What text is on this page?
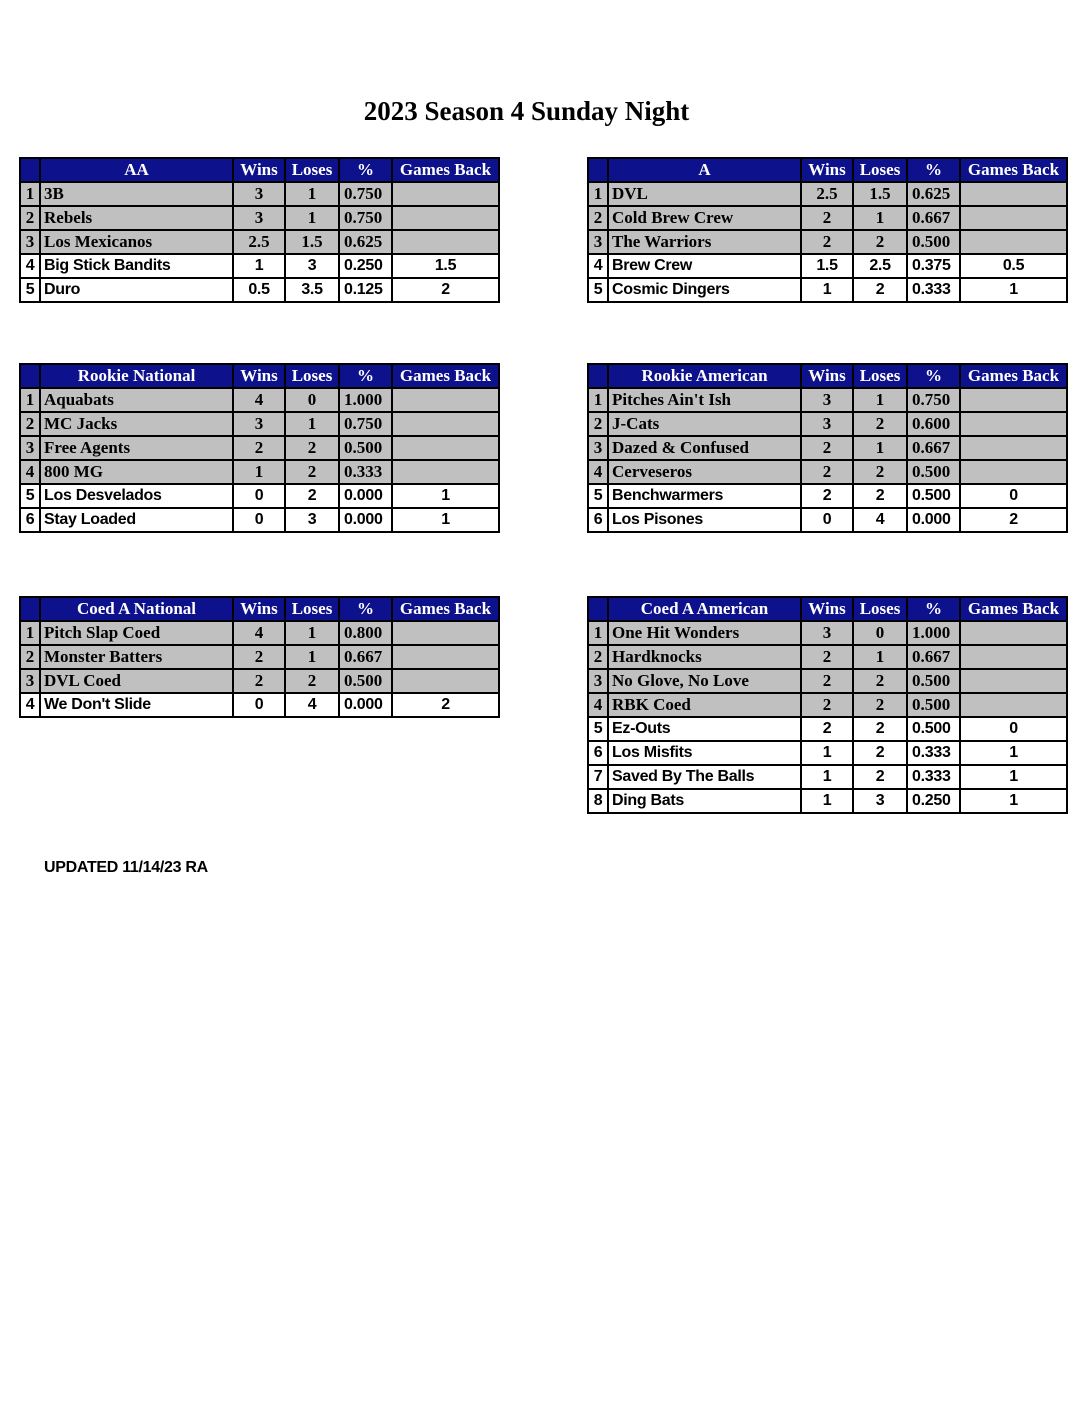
2023 Season 4 Sunday Night
	AA	Wins	Loses	%	Games Back
1	3B	3	1	0.750	
2	Rebels	3	1	0.750	
3	Los Mexicanos	2.5	1.5	0.625	
4	Big Stick Bandits	1	3	0.250	1.5
5	Duro	0.5	3.5	0.125	2
	A	Wins	Loses	%	Games Back
1	DVL	2.5	1.5	0.625	
2	Cold Brew Crew	2	1	0.667	
3	The Warriors	2	2	0.500	
4	Brew Crew	1.5	2.5	0.375	0.5
5	Cosmic Dingers	1	2	0.333	1
	Rookie National	Wins	Loses	%	Games Back
1	Aquabats	4	0	1.000	
2	MC Jacks	3	1	0.750	
3	Free Agents	2	2	0.500	
4	800 MG	1	2	0.333	
5	Los Desvelados	0	2	0.000	1
6	Stay Loaded	0	3	0.000	1
	Rookie American	Wins	Loses	%	Games Back
1	Pitches Ain't Ish	3	1	0.750	
2	J-Cats	3	2	0.600	
3	Dazed & Confused	2	1	0.667	
4	Cerveseros	2	2	0.500	
5	Benchwarmers	2	2	0.500	0
6	Los Pisones	0	4	0.000	2
	Coed A National	Wins	Loses	%	Games Back
1	Pitch Slap Coed	4	1	0.800	
2	Monster Batters	2	1	0.667	
3	DVL Coed	2	2	0.500	
4	We Don't Slide	0	4	0.000	2
	Coed A American	Wins	Loses	%	Games Back
1	One Hit Wonders	3	0	1.000	
2	Hardknocks	2	1	0.667	
3	No Glove, No Love	2	2	0.500	
4	RBK Coed	2	2	0.500	
5	Ez-Outs	2	2	0.500	0
6	Los Misfits	1	2	0.333	1
7	Saved By The Balls	1	2	0.333	1
8	Ding Bats	1	3	0.250	1
UPDATED 11/14/23 RA
